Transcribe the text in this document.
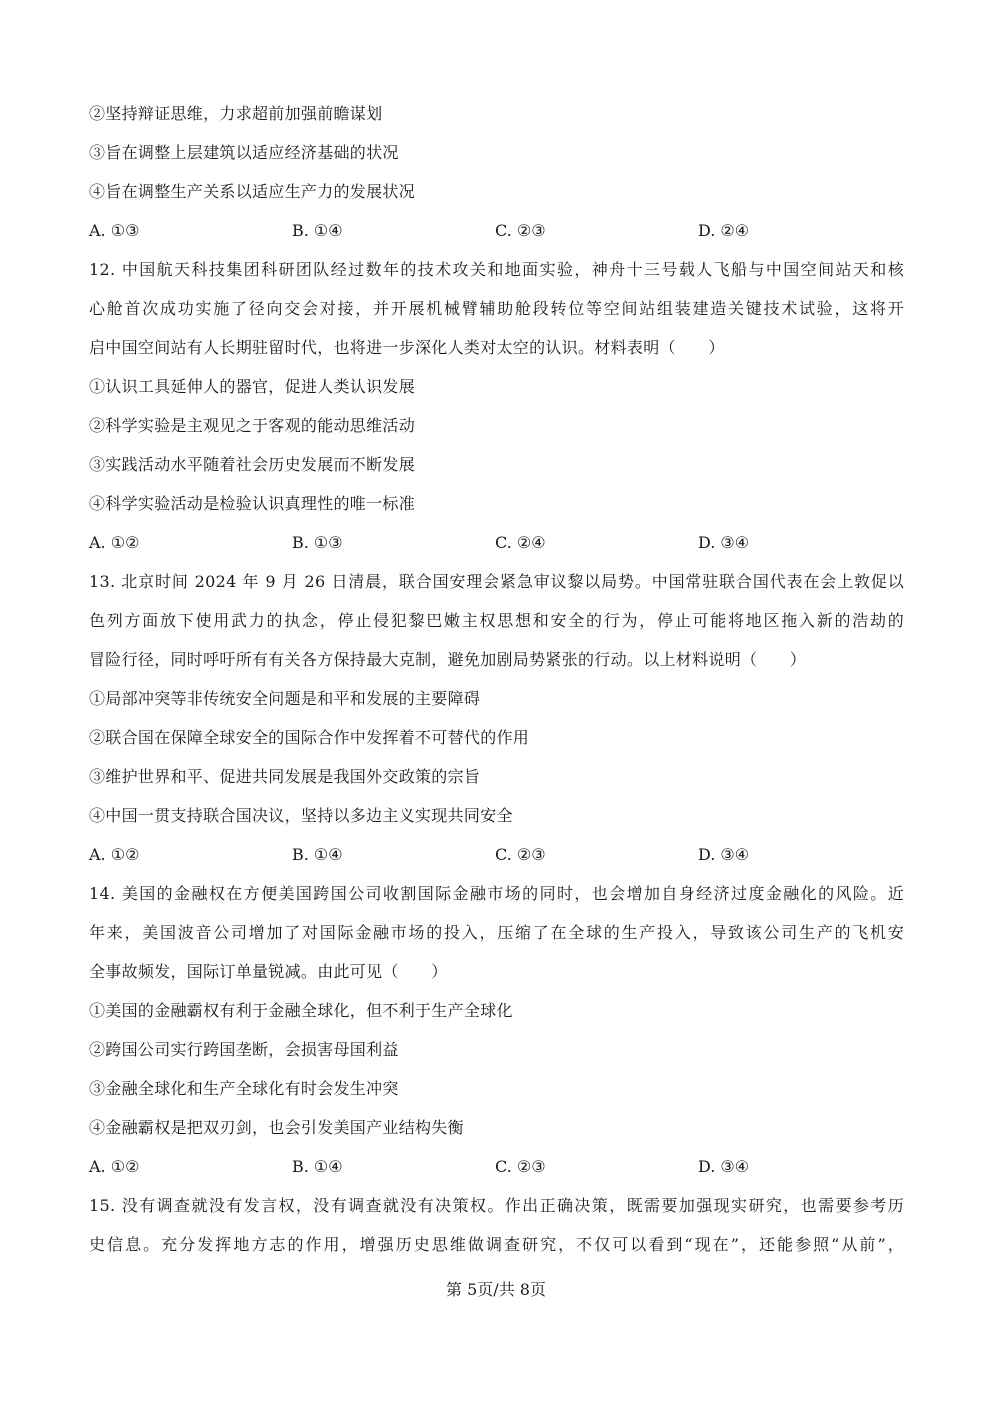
②坚持辩证思维，力求超前加强前瞻谋划
③旨在调整上层建筑以适应经济基础的状况
④旨在调整生产关系以适应生产力的发展状况
A. ①③	B. ①④	C. ②③	D. ②④
12. 中国航天科技集团科研团队经过数年的技术攻关和地面实验，神舟十三号载人飞船与中国空间站天和核
心舱首次成功实施了径向交会对接，并开展机械臂辅助舱段转位等空间站组装建造关键技术试验，这将开
启中国空间站有人长期驻留时代，也将进一步深化人类对太空的认识。材料表明（　　）
①认识工具延伸人的器官，促进人类认识发展
②科学实验是主观见之于客观的能动思维活动
③实践活动水平随着社会历史发展而不断发展
④科学实验活动是检验认识真理性的唯一标准
A. ①②	B. ①③	C. ②④	D. ③④
13. 北京时间 2024 年 9 月 26 日清晨，联合国安理会紧急审议黎以局势。中国常驻联合国代表在会上敦促以
色列方面放下使用武力的执念，停止侵犯黎巴嫩主权思想和安全的行为，停止可能将地区拖入新的浩劫的
冒险行径，同时呼吁所有有关各方保持最大克制，避免加剧局势紧张的行动。以上材料说明（　　）
①局部冲突等非传统安全问题是和平和发展的主要障碍
②联合国在保障全球安全的国际合作中发挥着不可替代的作用
③维护世界和平、促进共同发展是我国外交政策的宗旨
④中国一贯支持联合国决议，坚持以多边主义实现共同安全
A. ①②	B. ①④	C. ②③	D. ③④
14. 美国的金融权在方便美国跨国公司收割国际金融市场的同时，也会增加自身经济过度金融化的风险。近
年来，美国波音公司增加了对国际金融市场的投入，压缩了在全球的生产投入，导致该公司生产的飞机安
全事故频发，国际订单量锐减。由此可见（　　）
①美国的金融霸权有利于金融全球化，但不利于生产全球化
②跨国公司实行跨国垄断，会损害母国利益
③金融全球化和生产全球化有时会发生冲突
④金融霸权是把双刃剑，也会引发美国产业结构失衡
A. ①②	B. ①④	C. ②③	D. ③④
15. 没有调查就没有发言权，没有调查就没有决策权。作出正确决策，既需要加强现实研究，也需要参考历
史信息。充分发挥地方志的作用，增强历史思维做调查研究，不仅可以看到“现在”，还能参照“从前”，
第 5页/共 8页
